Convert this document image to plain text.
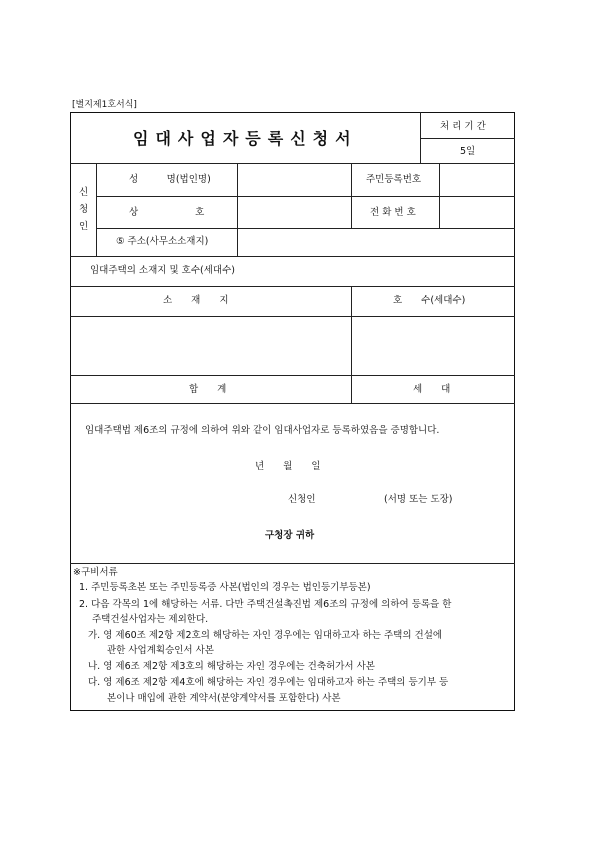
[별지제1호서식]
임대사업자등록신청서
처 리 기 간
5일
신
청
인
성　　　명(법인명)	주민등록번호
상　　　　　　호	전 화 번 호
⑤ 주소(사무소소재지)
임대주택의 소재지 및 호수(세대수)
소　　재　　지	호　　수(세대수)
합　　계	세　　대
임대주택법 제6조의 규정에 의하여 위와 같이 임대사업자로 등록하였음을 증명합니다.
년　　월　　일
신청인	(서명 또는 도장)
구청장 귀하
※구비서류
1. 주민등록초본 또는 주민등록증 사본(법인의 경우는 법인등기부등본)
2. 다음 각목의 1에 해당하는 서류. 다만 주택건설촉진법 제6조의 규정에 의하여 등록을 한
주택건설사업자는 제외한다.
가. 영 제60조 제2항 제2호의 해당하는 자인 경우에는 임대하고자 하는 주택의 건설에
관한 사업계획승인서 사본
나. 영 제6조 제2항 제3호의 해당하는 자인 경우에는 건축허가서 사본
다. 영 제6조 제2항 제4호에 해당하는 자인 경우에는 임대하고자 하는 주택의 등기부 등
본이나 매입에 관한 계약서(분양계약서를 포함한다) 사본
